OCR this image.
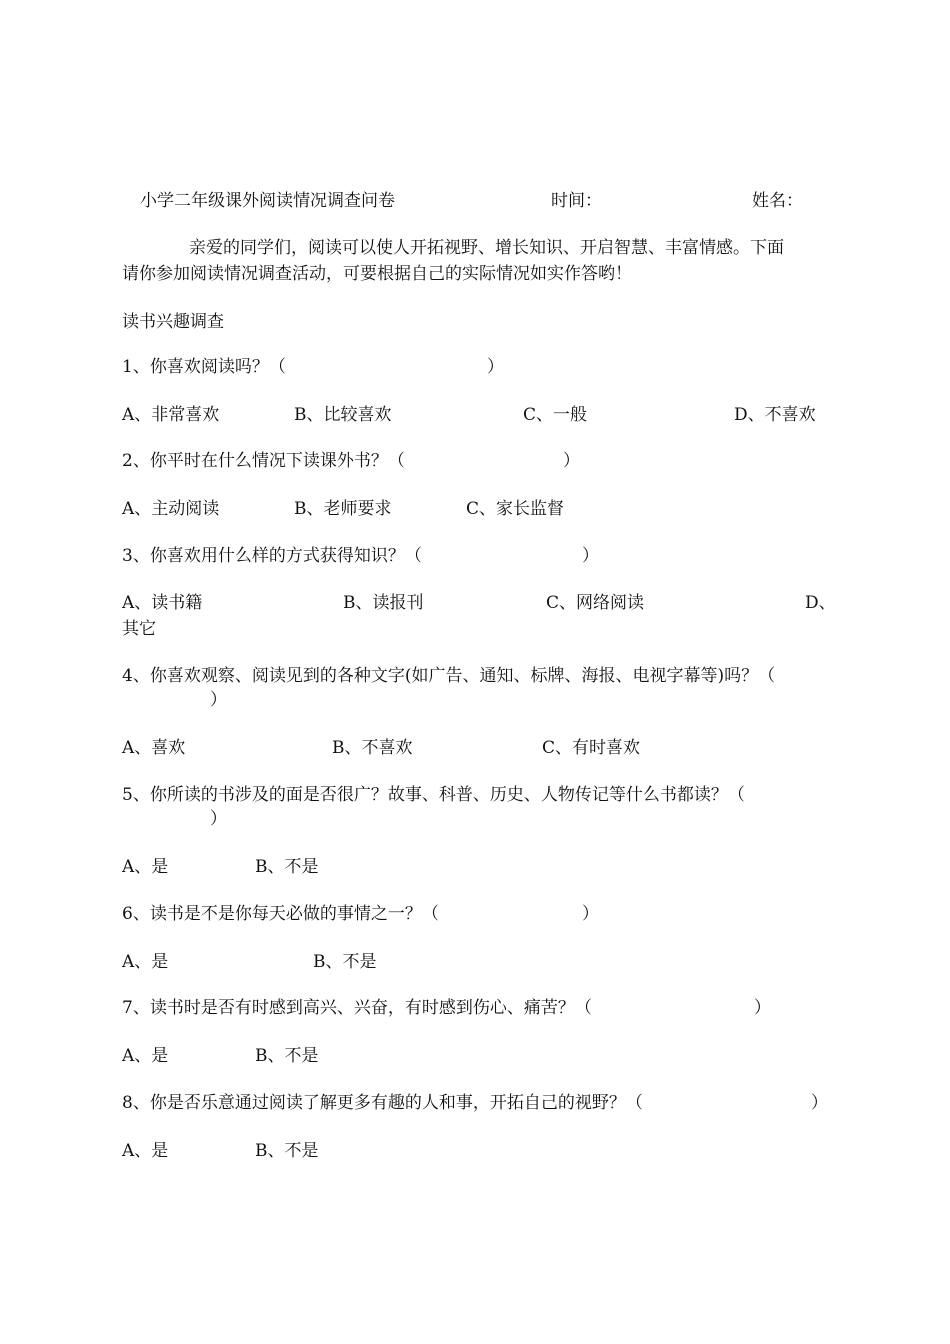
小学二年级课外阅读情况调查问卷	时间：	姓名：
亲爱的同学们，阅读可以使人开拓视野、增长知识、开启智慧、丰富情感。下面
请你参加阅读情况调查活动，可要根据自己的实际情况如实作答哟！
读书兴趣调查
1、你喜欢阅读吗？（	）
A、非常喜欢	B、比较喜欢	C、一般	D、不喜欢
2、你平时在什么情况下读课外书？（	）
A、主动阅读	B、老师要求	C、家长监督
3、你喜欢用什么样的方式获得知识？（	）
A、读书籍	B、读报刊	C、网络阅读	D、
其它
4、你喜欢观察、阅读见到的各种文字(如广告、通知、标牌、海报、电视字幕等)吗？（
）
A、喜欢	B、不喜欢	C、有时喜欢
5、你所读的书涉及的面是否很广？故事、科普、历史、人物传记等什么书都读？（
）
A、是	B、不是
6、读书是不是你每天必做的事情之一？（	）
A、是	B、不是
7、读书时是否有时感到高兴、兴奋，有时感到伤心、痛苦？（	）
A、是	B、不是
8、你是否乐意通过阅读了解更多有趣的人和事，开拓自己的视野？（	）
A、是	B、不是
